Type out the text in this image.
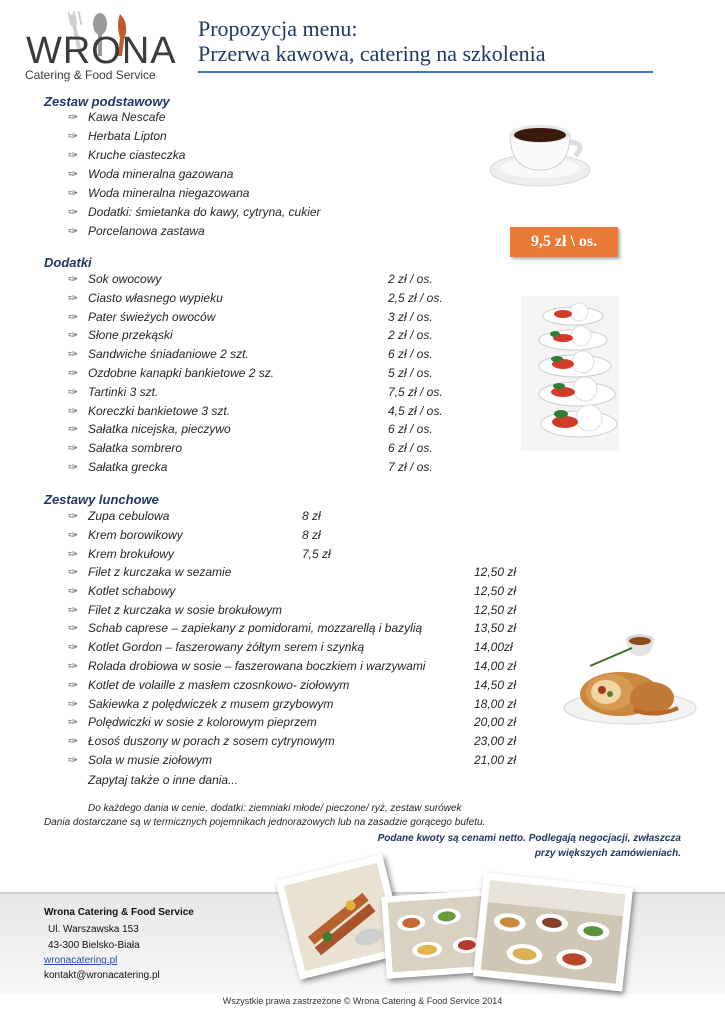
WRONA
Catering & Food Service
Propozycja menu:
Przerwa kawowa, catering na szkolenia
Zestaw podstawowy
✑ Kawa Nescafe
✑ Herbata Lipton
✑ Kruche ciasteczka
✑ Woda mineralna gazowana
✑ Woda mineralna niegazowana
✑ Dodatki: śmietanka do kawy, cytryna, cukier
✑ Porcelanowa zastawa
9,5 zł \ os.
Dodatki
✑ Sok owocowy	2 zł / os.
✑ Ciasto własnego wypieku	2,5 zł / os.
✑ Pater świeżych owoców	3 zł / os.
✑ Słone przekąski	2 zł / os.
✑ Sandwiche śniadaniowe 2 szt.	6 zł / os.
✑ Ozdobne kanapki bankietowe 2 sz.	5 zł / os.
✑ Tartinki 3 szt.	7,5 zł / os.
✑ Koreczki bankietowe 3 szt.	4,5 zł / os.
✑ Sałatka nicejska, pieczywo	6 zł / os.
✑ Sałatka sombrero	6 zł / os.
✑ Sałatka grecka	7 zł / os.
Zestawy lunchowe
✑ Zupa cebulowa	8 zł
✑ Krem borowikowy	8 zł
✑ Krem brokułowy	7,5 zł
✑ Filet z kurczaka w sezamie	12,50 zł
✑ Kotlet schabowy	12,50 zł
✑ Filet z kurczaka w sosie brokułowym	12,50 zł
✑ Schab caprese – zapiekany z pomidorami, mozzarellą i bazylią	13,50 zł
✑ Kotlet Gordon – faszerowany żółtym serem i szynką	14,00zł
✑ Rolada drobiowa w sosie – faszerowana boczkiem i warzywami	14,00 zł
✑ Kotlet de volaille z masłem czosnkowo- ziołowym	14,50 zł
✑ Sakiewka z polędwiczek z musem grzybowym	18,00 zł
✑ Polędwiczki w sosie z kolorowym pieprzem	20,00 zł
✑ Łosoś duszony w porach z sosem cytrynowym	23,00 zł
✑ Sola w musie ziołowym	21,00 zł
Zapytaj także o inne dania...
Do każdego dania w cenie, dodatki: ziemniaki młode/ pieczone/ ryż, zestaw surówek
Dania dostarczane są w termicznych pojemnikach jednorazowych lub na zasadzie gorącego bufetu.
Podane kwoty są cenami netto. Podlegają negocjacji, zwłaszcza
przy większych zamówieniach.
Wrona Catering & Food Service
Ul. Warszawska 153
43-300 Bielsko-Biała
wronacatering.pl
kontakt@wronacatering.pl
Wszystkie prawa zastrzeżone © Wrona Catering & Food Service 2014
